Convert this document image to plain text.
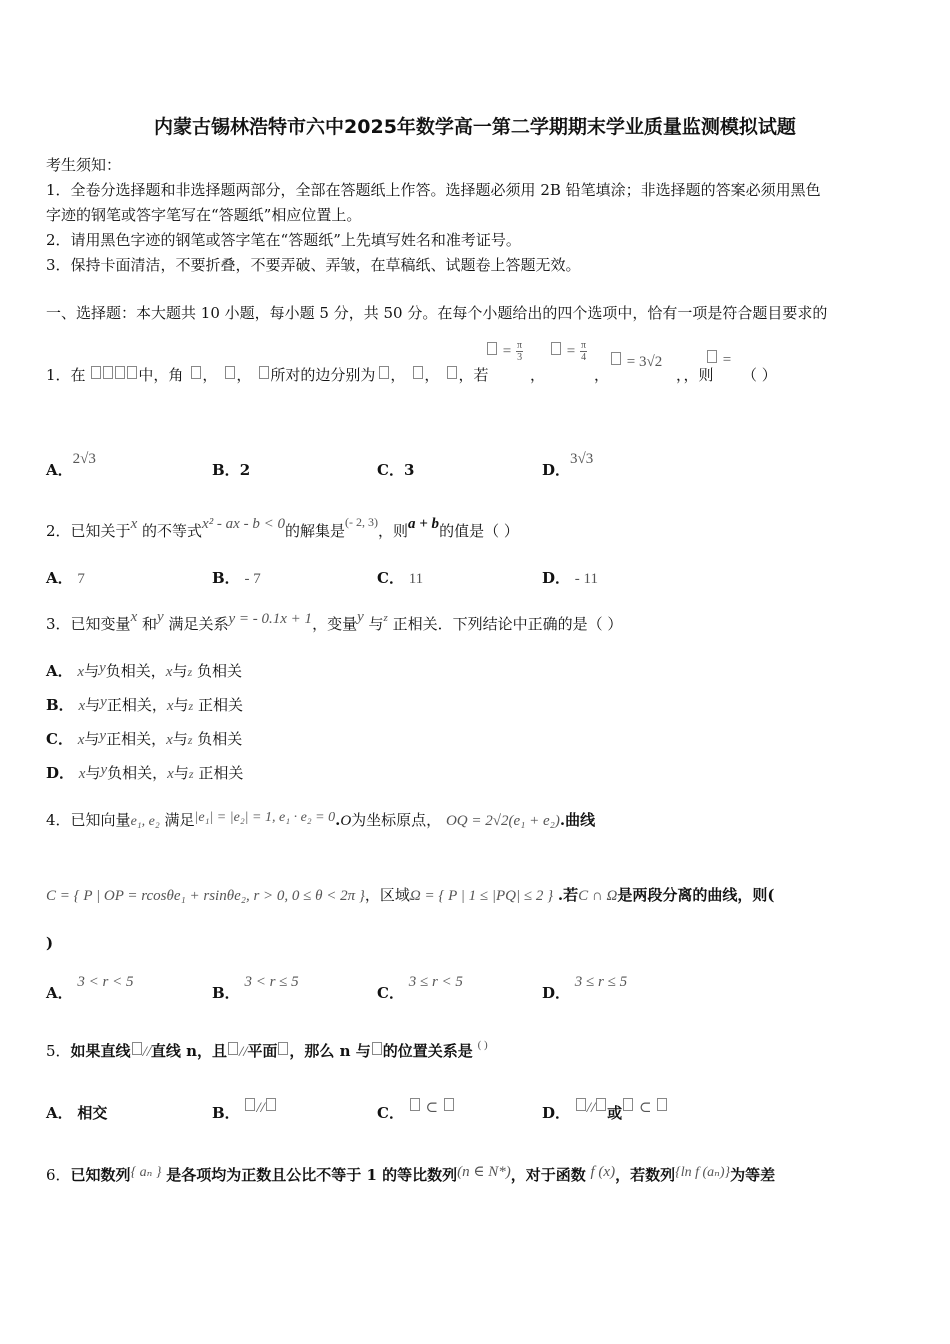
内蒙古锡林浩特市六中2025年数学高一第二学期期末学业质量监测模拟试题
考生须知：
1．全卷分选择题和非选择题两部分，全部在答题纸上作答。选择题必须用 2B 铅笔填涂；非选择题的答案必须用黑色
字迹的钢笔或答字笔写在“答题纸”相应位置上。
2．请用黑色字迹的钢笔或答字笔在“答题纸”上先填写姓名和准考证号。
3．保持卡面清洁，不要折叠，不要弄破、弄皱，在草稿纸、试题卷上答题无效。
一、选择题：本大题共 10 小题，每小题 5 分，共 50 分。在每个小题给出的四个选项中，恰有一项是符合题目要求的
1．在	中，角 ， ， 所对的边分别为 ， ， ，若
= $\frac{\pi}{3}$
，
= $\frac{\pi}{4}$
，
= 3√2
，，则
=
（ ）
A．2√3
B．2	C．3	D．3√3
2．已知关于x 的不等式x² - ax - b < 0的解集是$^{(- 2, 3)}$，则a + b的值是（ ）
A． 7	B． - 7	C． 11	D． - 11
3．已知变量x 和y 满足关系y = - 0.1x + 1，变量y 与$^z$ 正相关．下列结论中正确的是（ ）
A． x与y负相关，x与z 负相关
B． x与y正相关，x与z 正相关
C． x与y正相关，x与z 负相关
D． x与y负相关，x与z 正相关
4．已知向量e₁, e₂ 满足|e₁| = |e₂| = 1, e₁ · e₂ = 0.O为坐标原点， OQ = 2√2(e₁ + e₂).曲线
C = { P | OP = rcosθe₁ + rsinθe₂, r > 0, 0 ≤ θ < 2π }，区域Ω = { P | 1 ≤ |PQ| ≤ 2 } .若C ∩ Ω是两段分离的曲线，则(
)
A． 3 < r < 5
B． 3 < r ≤ 5
C． 3 ≤ r < 5
D． 3 ≤ r ≤ 5
5．如果直线 //直线 n，且 //平面 ，那么 n 与 的位置关系是 ( )
A． 相交	B． //	C． ⊂	D． // 或 ⊂
6．已知数列{ aₙ } 是各项均为正数且公比不等于 1 的等比数列(n ∈ N*)，对于函数 f (x)，若数列{ln f (aₙ)}为等差
